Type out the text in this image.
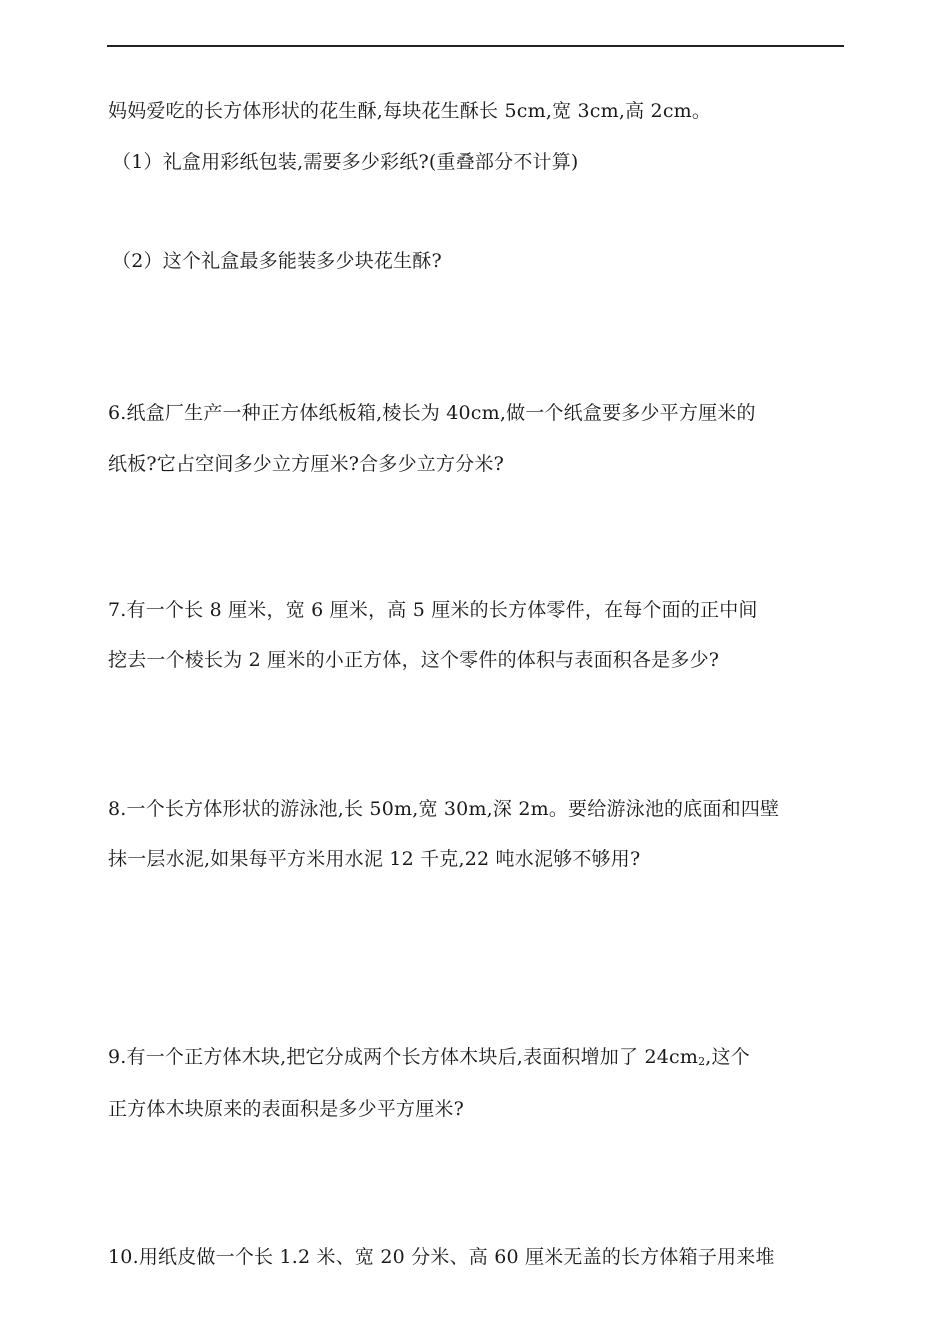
妈妈爱吃的长方体形状的花生酥,每块花生酥长 5cm,宽 3cm,高 2cm。
（1）礼盒用彩纸包装,需要多少彩纸?(重叠部分不计算)
（2）这个礼盒最多能装多少块花生酥?
6.纸盒厂生产一种正方体纸板箱,棱长为 40cm,做一个纸盒要多少平方厘米的
纸板?它占空间多少立方厘米?合多少立方分米?
7.有一个长 8 厘米，宽 6 厘米，高 5 厘米的长方体零件，在每个面的正中间
挖去一个棱长为 2 厘米的小正方体，这个零件的体积与表面积各是多少?
8.一个长方体形状的游泳池,长 50m,宽 30m,深 2m。要给游泳池的底面和四壁
抹一层水泥,如果每平方米用水泥 12 千克,22 吨水泥够不够用?
9.有一个正方体木块,把它分成两个长方体木块后,表面积增加了 $24cm^2$,这个
正方体木块原来的表面积是多少平方厘米?
10.用纸皮做一个长 1.2 米、宽 20 分米、高 60 厘米无盖的长方体箱子用来堆
